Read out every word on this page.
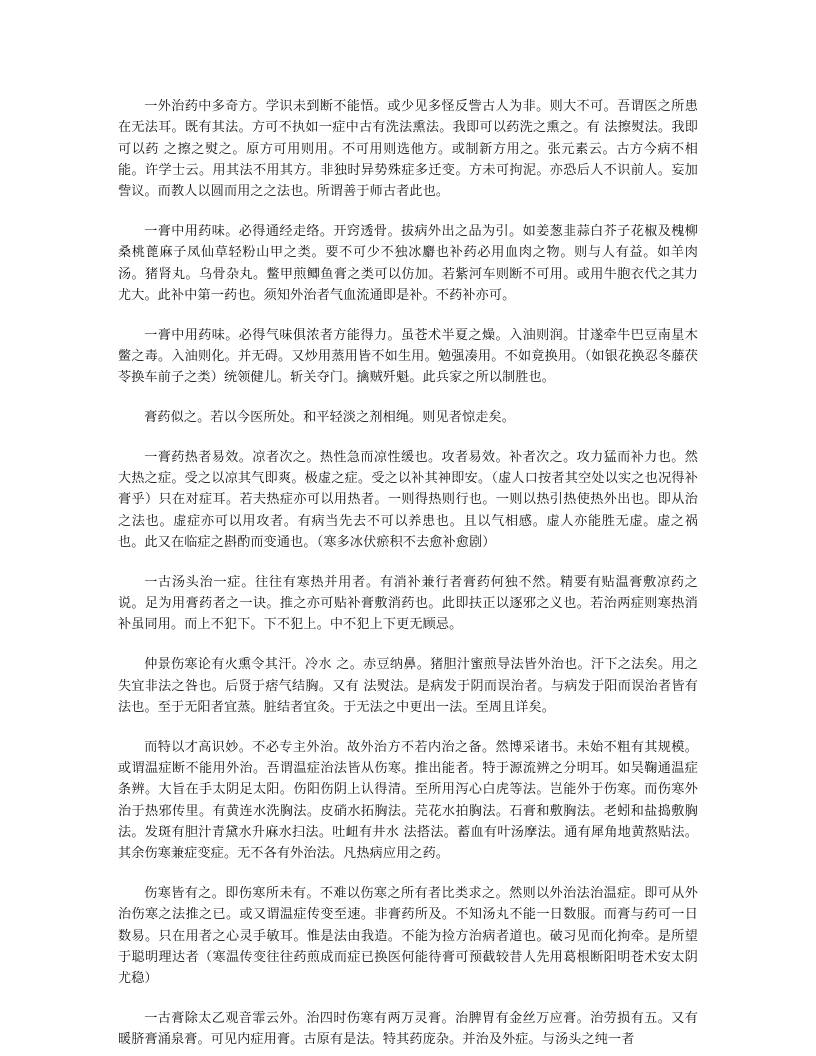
一外治药中多奇方。学识未到断不能悟。或少见多怪反訾古人为非。则大不可。吾谓医之所患在无法耳。既有其法。方可不执如一症中古有洗法熏法。我即可以药洗之熏之。有 法擦熨法。我即可以药 之擦之熨之。原方可用则用。不可用则选他方。或制新方用之。张元素云。古方今病不相能。许学士云。用其法不用其方。非独时异势殊症多迁变。方未可拘泥。亦恐后人不识前人。妄加訾议。而教人以圆而用之之法也。所谓善于师古者此也。

一膏中用药味。必得通经走络。开窍透骨。拔病外出之品为引。如姜葱韭蒜白芥子花椒及槐柳桑桃蓖麻子凤仙草轻粉山甲之类。要不可少不独冰麝也补药必用血肉之物。则与人有益。如羊肉汤。猪肾丸。乌骨杂丸。鳖甲煎鲫鱼膏之类可以仿加。若紫河车则断不可用。或用牛胞衣代之其力尤大。此补中第一药也。须知外治者气血流通即是补。不药补亦可。

一膏中用药味。必得气味俱浓者方能得力。虽苍术半夏之燥。入油则润。甘遂牵牛巴豆南星木鳖之毒。入油则化。并无碍。又炒用蒸用皆不如生用。勉强凑用。不如竟换用。（如银花换忍冬藤茯苓换车前子之类）统领健儿。斩关夺门。擒贼歼魁。此兵家之所以制胜也。

膏药似之。若以今医所处。和平轻淡之剂相绳。则见者惊走矣。

一膏药热者易效。凉者次之。热性急而凉性缓也。攻者易效。补者次之。攻力猛而补力也。然大热之症。受之以凉其气即爽。极虚之症。受之以补其神即安。（虚人口按者其空处以实之也况得补膏乎）只在对症耳。若夫热症亦可以用热者。一则得热则行也。一则以热引热使热外出也。即从治之法也。虚症亦可以用攻者。有病当先去不可以养患也。且以气相感。虚人亦能胜无虚。虚之祸也。此又在临症之斟酌而变通也。（寒多冰伏瘀积不去愈补愈剧）

一古汤头治一症。往往有寒热并用者。有消补兼行者膏药何独不然。精要有贴温膏敷凉药之说。足为用膏药者之一诀。推之亦可贴补膏敷消药也。此即扶正以逐邪之义也。若治两症则寒热消补虽同用。而上不犯下。下不犯上。中不犯上下更无顾忌。

仲景伤寒论有火熏令其汗。冷水 之。赤豆纳鼻。猪胆汁蜜煎导法皆外治也。汗下之法矣。用之失宜非法之咎也。后贤于痞气结胸。又有 法熨法。是病发于阴而误治者。与病发于阳而误治者皆有法也。至于无阳者宜蒸。脏结者宜灸。于无法之中更出一法。至周且详矣。

而特以才高识妙。不必专主外治。故外治方不若内治之备。然博采诸书。未始不粗有其规模。或谓温症断不能用外治。吾谓温症治法皆从伤寒。推出能者。特于源流辨之分明耳。如吴鞠通温症条辨。大旨在手太阴足太阳。伤阳伤阴上认得清。至所用泻心白虎等法。岂能外于伤寒。而伤寒外治于热邪传里。有黄连水洗胸法。皮硝水拓胸法。芫花水拍胸法。石膏和敷胸法。老蚓和盐捣敷胸法。发斑有胆汁青黛水升麻水扫法。吐衄有井水 法搭法。蓄血有叶汤摩法。通有犀角地黄熬贴法。其余伤寒兼症变症。无不各有外治法。凡热病应用之药。

伤寒皆有之。即伤寒所未有。不难以伤寒之所有者比类求之。然则以外治法治温症。即可从外治伤寒之法推之已。或又谓温症传变至速。非膏药所及。不知汤丸不能一日数服。而膏与药可一日数易。只在用者之心灵手敏耳。惟是法由我造。不能为捡方治病者道也。破习见而化拘牵。是所望于聪明理达者（寒温传变往往药煎成而症已换医何能待膏可预截较昔人先用葛根断阳明苍术安太阴尤稳）

一古膏除太乙观音霏云外。治四时伤寒有两万灵膏。治脾胃有金丝万应膏。治劳损有五。又有暖脐膏涌泉膏。可见内症用膏。古原有是法。特其药庞杂。并治及外症。与汤头之纯一者
